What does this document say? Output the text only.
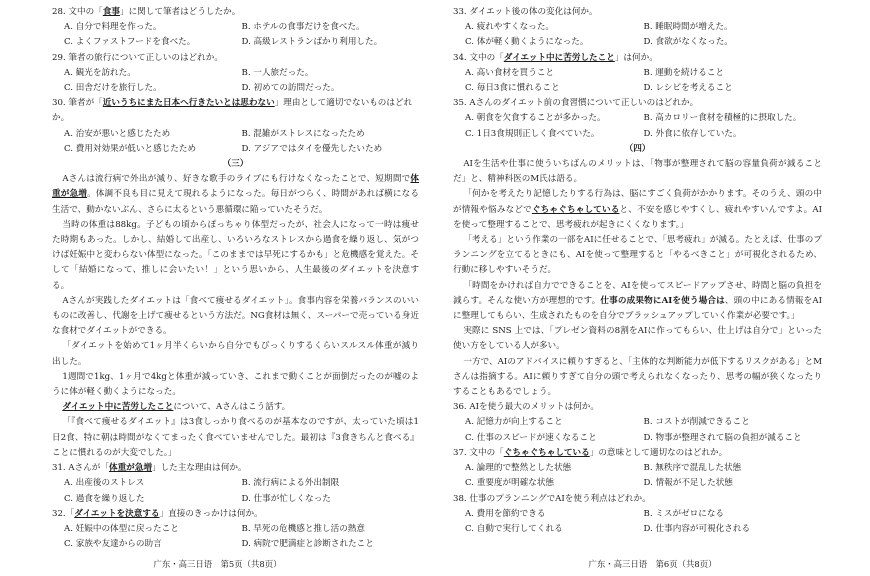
28. 文中の「食事」に関して筆者はどうしたか。

A. 自分で料理を作った。	B. ホテルの食事だけを食べた。
C. よくファストフードを食べた。	D. 高級レストランばかり利用した。

29. 筆者の旅行について正しいのはどれか。

A. 観光を訪れた。	B. 一人旅だった。
C. 田舎だけを旅行した。	D. 初めての訪問だった。

30. 筆者が「近いうちにまた日本へ行きたいとは思わない」理由として適切でないものはどれか。

A. 治安が悪いと感じたため	B. 混雑がストレスになったため
C. 費用対効果が低いと感じたため	D. アジアではタイを優先したいため

（三）

Aさんは流行病で外出が減り、好きな歌手のライブにも行けなくなったことで、短期間で体重が急増。体調不良も目に見えて現れるようになった。毎日がつらく、時間があれば横になる生活で、動かないぶん、さらに太るという悪循環に陥っていたそうだ。

当時の体重は88kg。子どもの頃からぽっちゃり体型だったが、社会人になって一時は痩せた時期もあった。しかし、結婚して出産し、いろいろなストレスから過食を繰り返し、気がつけば妊娠中と変わらない体型になった。「このままでは早死にするかも」と危機感を覚えた。そして「結婚になって、推しに会いたい！」という思いから、人生最後のダイエットを決意する。

Aさんが実践したダイエットは「食べて痩せるダイエット」。食事内容を栄養バランスのいいものに改善し、代謝を上げて痩せるという方法だ。NG食材は無く、スーパーで売っている身近な食材でダイエットができる。

「ダイエットを始めて1ヶ月半くらいから自分でもびっくりするくらいスルスル体重が減り出した。

1週間で1kg、1ヶ月で4kgと体重が減っていき、これまで動くことが面倒だったのが嘘のように体が軽く動くようになった。

ダイエット中に苦労したことについて、Aさんはこう話す。

「『食べて痩せるダイエット』は3食しっかり食べるのが基本なのですが、太っていた頃は1日2食、特に朝は時間がなくてまったく食べていませんでした。最初は『3食きちんと食べる』ことに慣れるのが大変でした。」

31. Aさんが「体重が急増」した主な理由は何か。

A. 出産後のストレス	B. 流行病による外出制限
C. 過食を繰り返した	D. 仕事が忙しくなった

32.「ダイエットを決意する」直接のきっかけは何か。

A. 妊娠中の体型に戻ったこと	B. 早死の危機感と推し活の熱意
C. 家族や友達からの助言	D. 病院で肥満症と診断されたこと
广东・高三日语　第5页（共8页）

33. ダイエット後の体の変化は何か。

A. 疲れやすくなった。	B. 睡眠時間が増えた。
C. 体が軽く動くようになった。	D. 食欲がなくなった。

34. 文中の「ダイエット中に苦労したこと」は何か。

A. 高い食材を買うこと	B. 運動を続けること
C. 毎日3食に慣れること	D. レシピを考えること

35. Aさんのダイエット前の食習慣について正しいのはどれか。

A. 朝食を欠食することが多かった。	B. 高カロリー食材を積極的に摂取した。
C. 1日3食規則正しく食べていた。	D. 外食に依存していた。

（四）

AIを生活や仕事に使ういちばんのメリットは、「物事が整理されて脳の容量負荷が減ることだ」と、精神科医のM氏は語る。

「何かを考えたり記憶したりする行為は、脳にすごく負荷がかかります。そのうえ、頭の中が情報や悩みなどでぐちゃぐちゃしていると、不安を感じやすくし、疲れやすいんですよ。AIを使って整理することで、思考疲れが起きにくくなります。」

「考える」という作業の一部をAIに任せることで、「思考疲れ」が減る。たとえば、仕事のプランニングを立てるときにも、AIを使って整理すると「やるべきこと」が可視化されるため、行動に移しやすいそうだ。

「時間をかければ自力でできることを、AIを使ってスピードアップさせ、時間と脳の負担を減らす。そんな使い方が理想的です。仕事の成果物にAIを使う場合は、頭の中にある情報をAIに整理してもらい、生成されたものを自分でブラッシュアップしていく作業が必要です。」

実際に SNS 上では、「プレゼン資料の8割をAIに作ってもらい、仕上げは自分で」といった使い方をしている人が多い。

一方で、AIのアドバイスに頼りすぎると、「主体的な判断能力が低下するリスクがある」とMさんは指摘する。AIに頼りすぎて自分の頭で考えられなくなったり、思考の幅が狭くなったりすることもあるでしょう。

36. AIを使う最大のメリットは何か。

A. 記憶力が向上すること	B. コストが削減できること
C. 仕事のスピードが速くなること	D. 物事が整理されて脳の負担が減ること

37. 文中の「ぐちゃぐちゃしている」の意味として適切なのはどれか。

A. 論理的で整然とした状態	B. 無秩序で混乱した状態
C. 重要度が明確な状態	D. 情報が不足した状態

38. 仕事のプランニングでAIを使う利点はどれか。

A. 費用を節約できる	B. ミスがゼロになる
C. 自動で実行してくれる	D. 仕事内容が可視化される
广东・高三日语　第6页（共8页）
